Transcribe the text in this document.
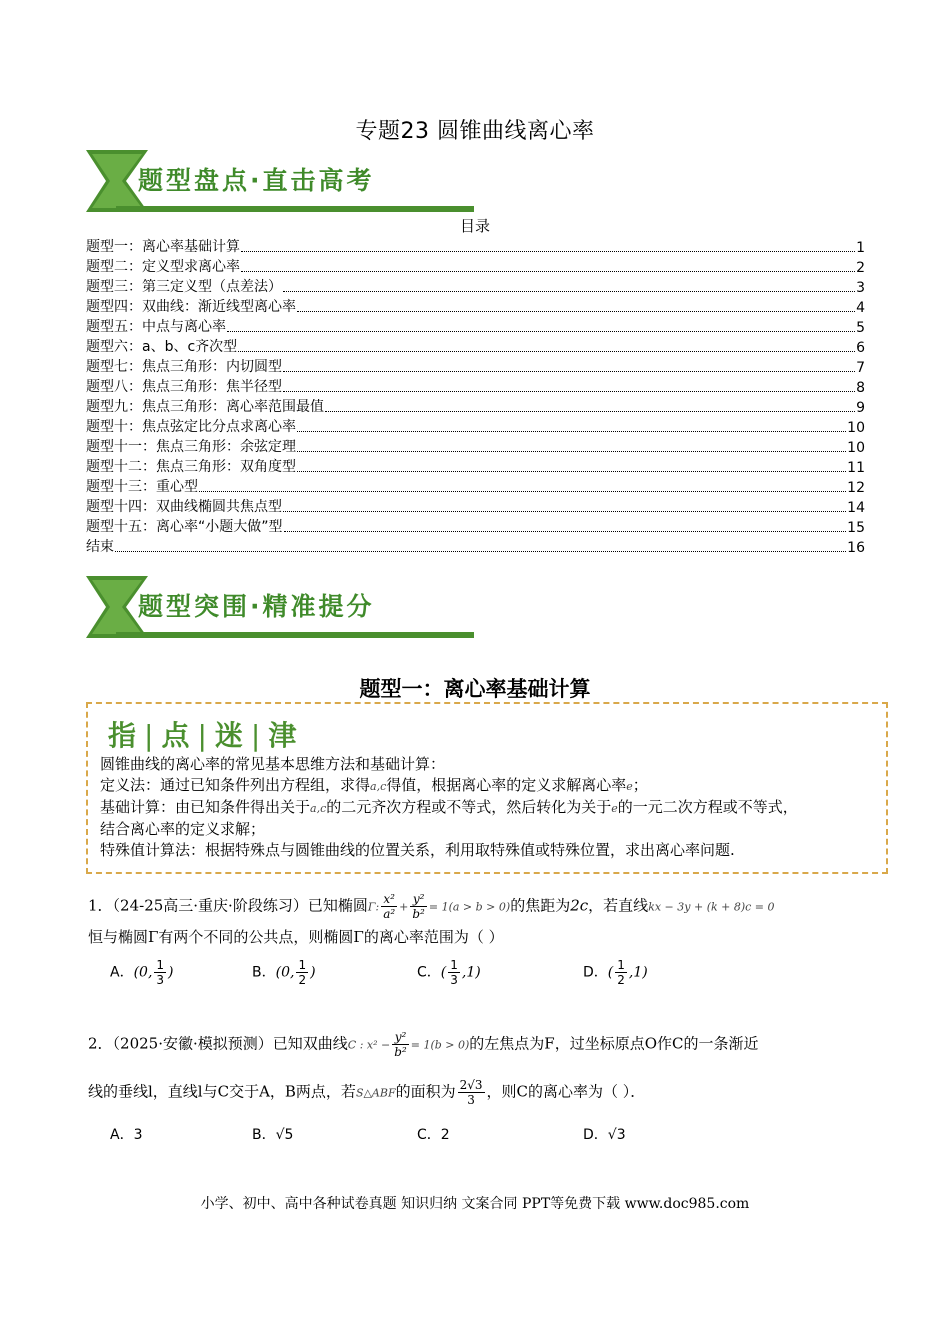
专题23 圆锥曲线离心率
题型盘点·直击高考
目录
题型一：离心率基础计算	1
题型二：定义型求离心率	2
题型三：第三定义型（点差法）	3
题型四：双曲线：渐近线型离心率	4
题型五：中点与离心率	5
题型六：a、b、c齐次型	6
题型七：焦点三角形：内切圆型	7
题型八：焦点三角形：焦半径型	8
题型九：焦点三角形：离心率范围最值	9
题型十：焦点弦定比分点求离心率	10
题型十一：焦点三角形：余弦定理	10
题型十二：焦点三角形：双角度型	11
题型十三：重心型	12
题型十四：双曲线椭圆共焦点型	14
题型十五：离心率“小题大做”型	15
结束	16
题型突围·精准提分
题型一：离心率基础计算
指 | 点 | 迷 | 津
圆锥曲线的离心率的常见基本思维方法和基础计算：
定义法：通过已知条件列出方程组，求得a,c得值，根据离心率的定义求解离心率e；
基础计算：由已知条件得出关于a,c的二元齐次方程或不等式，然后转化为关于e的一元二次方程或不等式，
结合离心率的定义求解；
特殊值计算法：根据特殊点与圆锥曲线的位置关系，利用取特殊值或特殊位置，求出离心率问题.
1．（24-25高三·重庆·阶段练习）已知椭圆Γ: $\frac{\text{x²}}{\text{a²}} + \frac{\text{y²}}{\text{b²}} = 1(a > b > 0)$的焦距为2c，若直线kx − 3y + (k + 8)c = 0
恒与椭圆Γ有两个不同的公共点，则椭圆Γ的离心率范围为（ ）
A．(0, $\frac{1}{3}$ )	B．(0, $\frac{1}{2}$ )	C．( $\frac{1}{3} ,1$)	D．( $\frac{1}{2} ,1$)
2．（2025·安徽·模拟预测）已知双曲线C : $x^2 - \frac{\text{y²}}{\text{b²}} = 1(b > 0)$的左焦点为F，过坐标原点O作C的一条渐近
线的垂线l，直线l与C交于A，B两点，若S△ABF的面积为 $\frac{2√3}{3}$ ，则C的离心率为（ ）．
A．3	B．√5	C．2	D．√3
小学、初中、高中各种试卷真题 知识归纳 文案合同 PPT等免费下载 www.doc985.com
